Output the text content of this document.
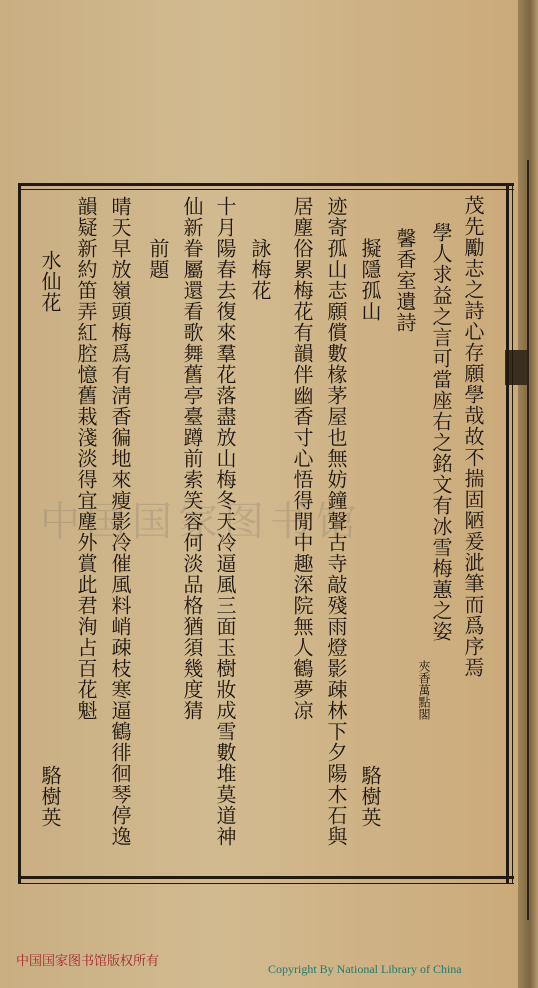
中国国家图书馆	茂先勵志之詩心存願學哉故不揣固陋爰泚筆而爲序焉
學人求益之言可當座右之銘文有冰雪梅蕙之姿
夾香萬點閣
馨香室遺詩
擬隱孤山
駱樹英
迹寄孤山志願償數椽茅屋也無妨鐘聲古寺敲殘雨燈影疎林下夕陽木石與
居塵俗累梅花有韻伴幽香寸心悟得閒中趣深院無人鶴夢凉
詠梅花
十月陽春去復來羣花落盡放山梅冬天冷逼風三面玉樹妝成雪數堆莫道神
仙新眷屬還看歌舞舊亭臺蹲前索笑容何淡品格猶須幾度猜
前題
晴天早放嶺頭梅爲有淸香徧地來瘦影冷催風料峭疎枝寒逼鶴徘徊琴停逸
韻疑新約笛弄紅腔憶舊栽淺淡得宜塵外賞此君洵占百花魁
水仙花
駱樹英
中国国家图书馆版权所有	Copyright By National Library of China
